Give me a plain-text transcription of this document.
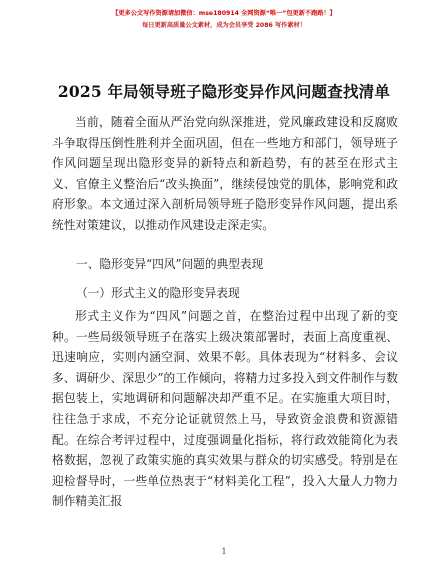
【更多公文写作资源请加微信：mse180914 全网资源“唯一”包更新不跑路！】
每日更新高质量公文素材，成为会员享受 2086 写作素材！
2025 年局领导班子隐形变异作风问题查找清单
当前，随着全面从严治党向纵深推进，党风廉政建设和反腐败斗争取得压倒性胜利并全面巩固，但在一些地方和部门，领导班子作风问题呈现出隐形变异的新特点和新趋势，有的甚至在形式主义、官僚主义整治后“改头换面”，继续侵蚀党的肌体，影响党和政府形象。本文通过深入剖析局领导班子隐形变异作风问题，提出系统性对策建议，以推动作风建设走深走实。
一、隐形变异“四风”问题的典型表现
（一）形式主义的隐形变异表现
形式主义作为“四风”问题之首，在整治过程中出现了新的变种。一些局级领导班子在落实上级决策部署时，表面上高度重视、迅速响应，实则内涵空洞、效果不彰。具体表现为“材料多、会议多、调研少、深思少”的工作倾向，将精力过多投入到文件制作与数据包装上，实地调研和问题解决却严重不足。在实施重大项目时，往往急于求成，不充分论证就贸然上马，导致资金浪费和资源错配。在综合考评过程中，过度强调量化指标，将行政效能简化为表格数据，忽视了政策实施的真实效果与群众的切实感受。特别是在迎检督导时，一些单位热衷于“材料美化工程”，投入大量人力物力制作精美汇报
1
